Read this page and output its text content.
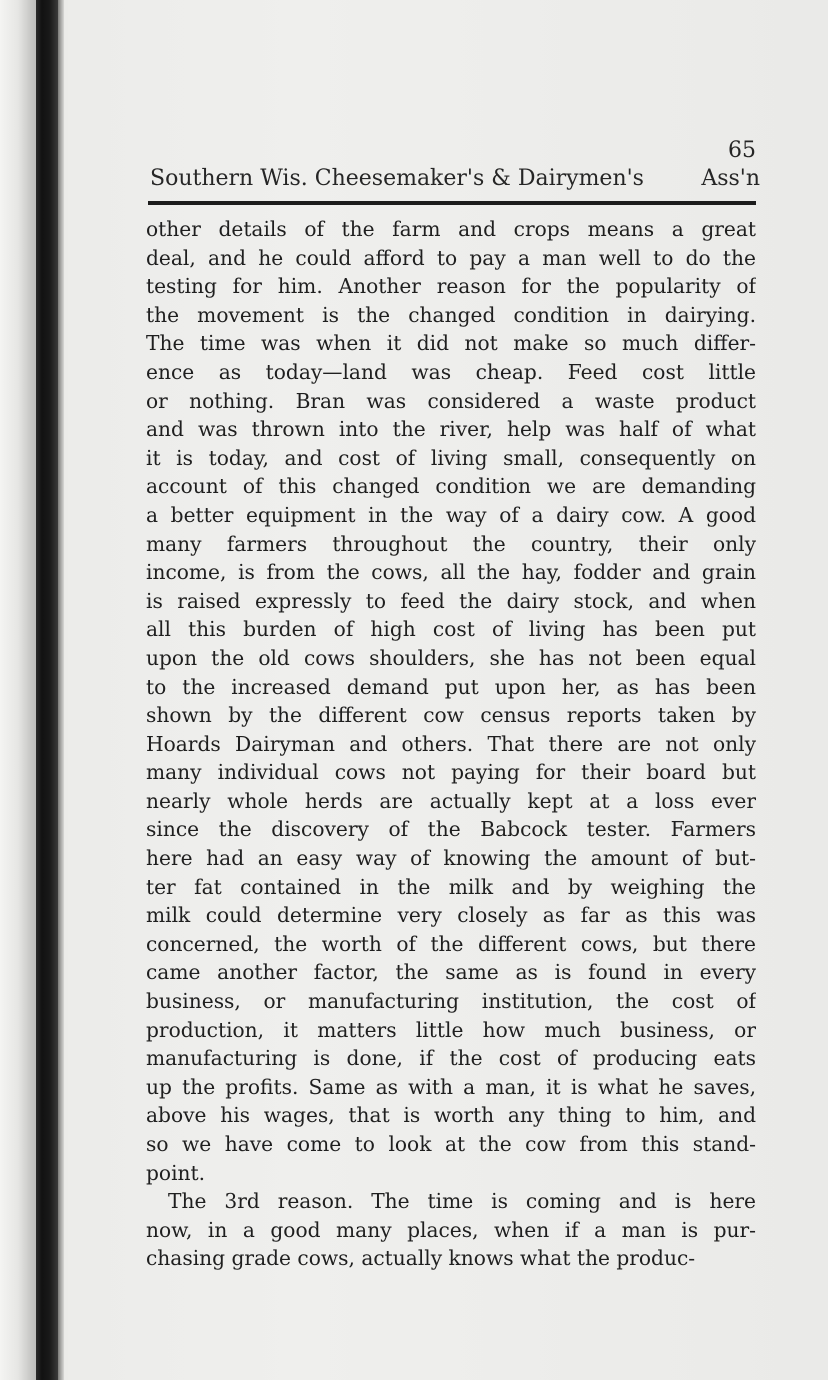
65
Southern Wis. Cheesemaker's & Dairymen's	Ass'n
other details of the farm and crops means a great
deal, and he could afford to pay a man well to do the
testing for him. Another reason for the popularity of
the movement is the changed condition in dairying.
The time was when it did not make so much differ-
ence as today—land was cheap. Feed cost little
or nothing. Bran was considered a waste product
and was thrown into the river, help was half of what
it is today, and cost of living small, consequently on
account of this changed condition we are demanding
a better equipment in the way of a dairy cow. A good
many farmers throughout the country, their only
income, is from the cows, all the hay, fodder and grain
is raised expressly to feed the dairy stock, and when
all this burden of high cost of living has been put
upon the old cows shoulders, she has not been equal
to the increased demand put upon her, as has been
shown by the different cow census reports taken by
Hoards Dairyman and others. That there are not only
many individual cows not paying for their board but
nearly whole herds are actually kept at a loss ever
since the discovery of the Babcock tester. Farmers
here had an easy way of knowing the amount of but-
ter fat contained in the milk and by weighing the
milk could determine very closely as far as this was
concerned, the worth of the different cows, but there
came another factor, the same as is found in every
business, or manufacturing institution, the cost of
production, it matters little how much business, or
manufacturing is done, if the cost of producing eats
up the profits. Same as with a man, it is what he saves,
above his wages, that is worth any thing to him, and
so we have come to look at the cow from this stand-
point.
The 3rd reason. The time is coming and is here
now, in a good many places, when if a man is pur-
chasing grade cows, actually knows what the produc-
